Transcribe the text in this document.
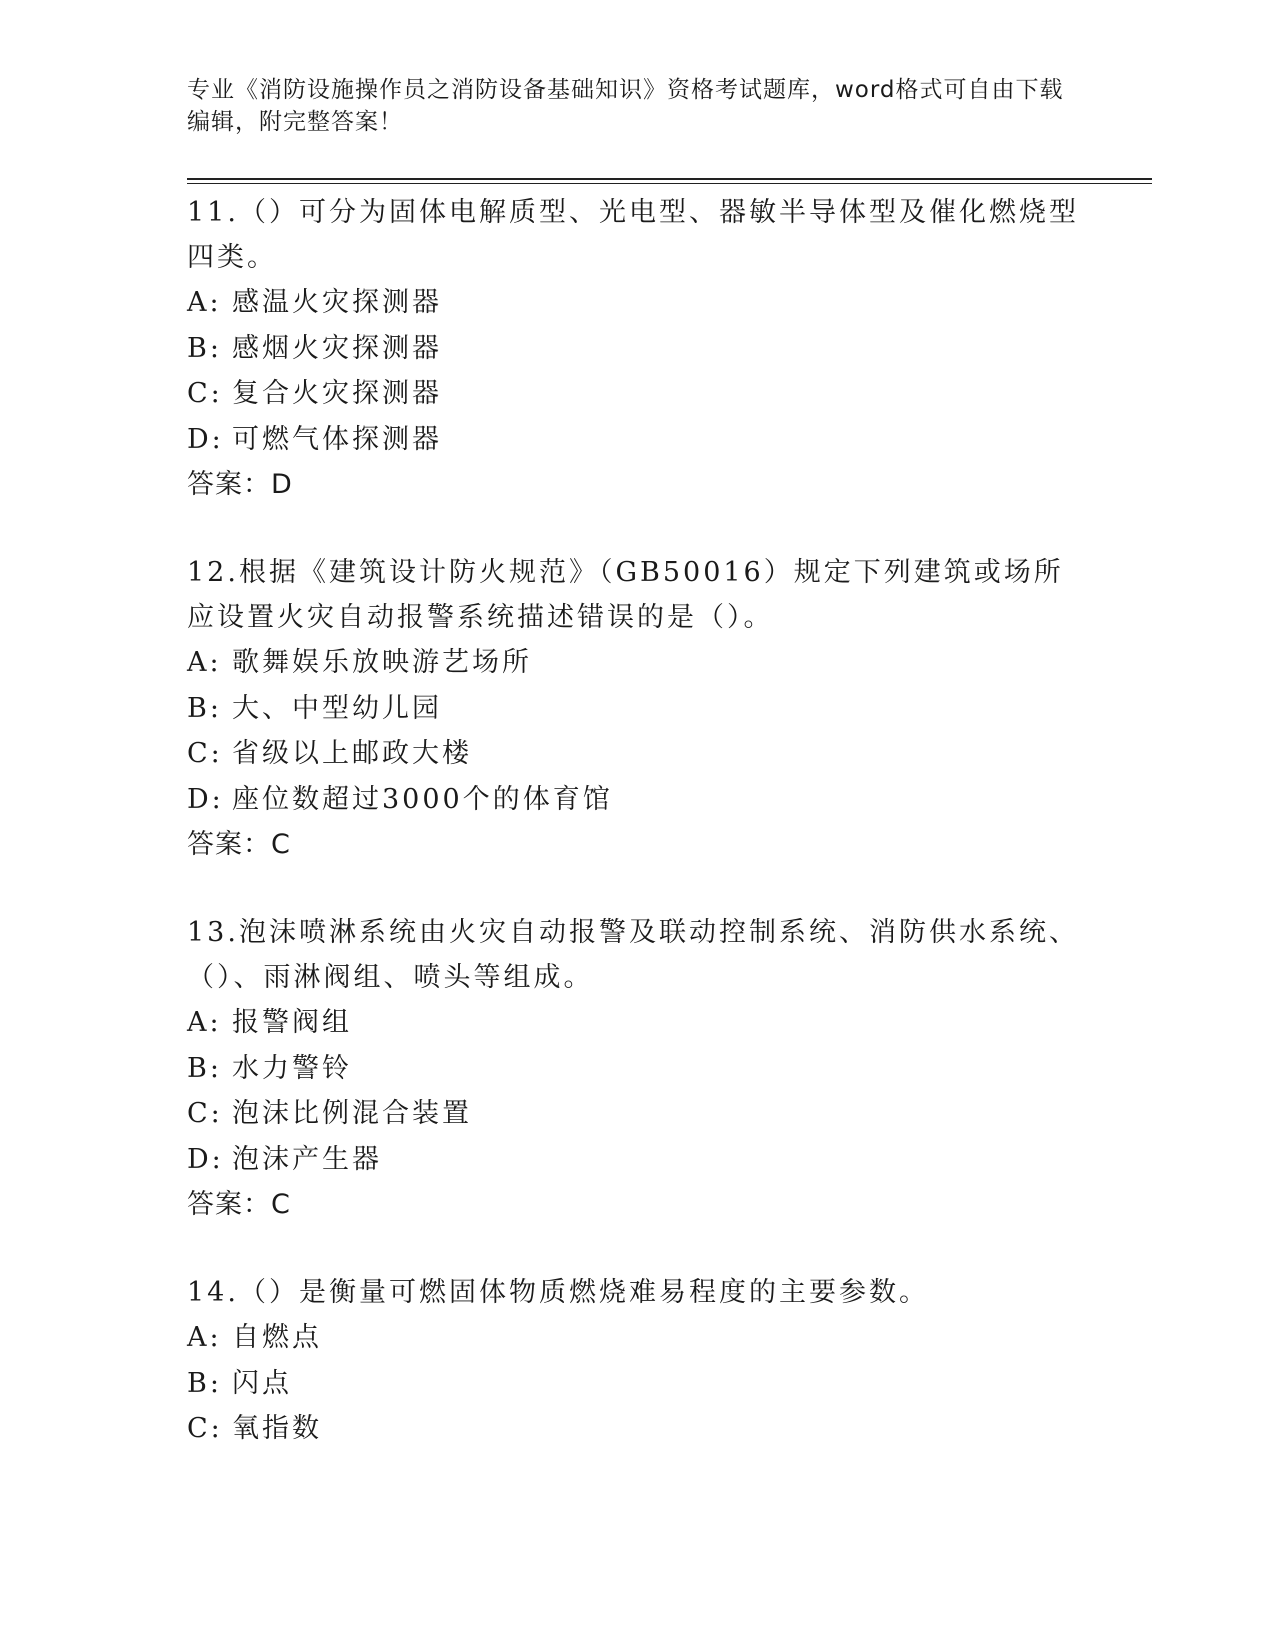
专业《消防设施操作员之消防设备基础知识》资格考试题库，word格式可自由下载编辑，附完整答案！

11.（）可分为固体电解质型、光电型、器敏半导体型及催化燃烧型四类。

A: 感温火灾探测器

B: 感烟火灾探测器

C: 复合火灾探测器

D: 可燃气体探测器

答案：D

12.根据《建筑设计防火规范》（GB50016）规定下列建筑或场所应设置火灾自动报警系统描述错误的是（）。

A: 歌舞娱乐放映游艺场所

B: 大、中型幼儿园

C: 省级以上邮政大楼

D: 座位数超过3000个的体育馆

答案：C

13.泡沫喷淋系统由火灾自动报警及联动控制系统、消防供水系统、（）、雨淋阀组、喷头等组成。

A: 报警阀组

B: 水力警铃

C: 泡沫比例混合装置

D: 泡沫产生器

答案：C

14.（）是衡量可燃固体物质燃烧难易程度的主要参数。

A: 自燃点

B: 闪点

C: 氧指数
